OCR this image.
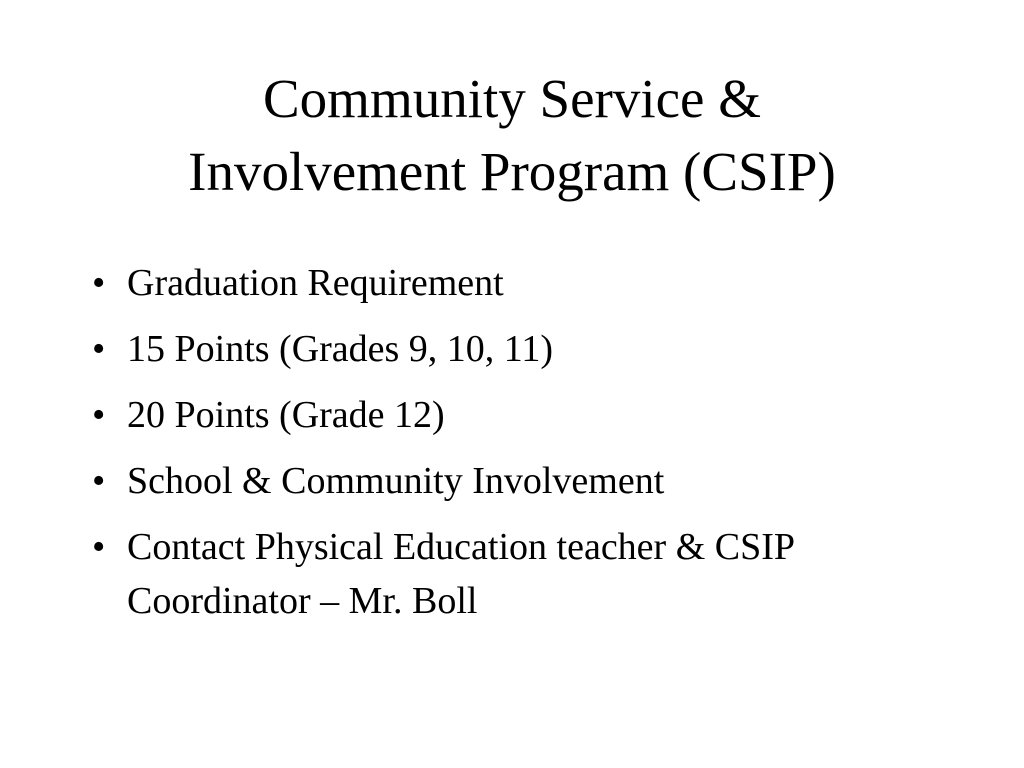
Community Service &
Involvement Program (CSIP)
• Graduation Requirement
• 15 Points (Grades 9, 10, 11)
• 20 Points (Grade 12)
• School & Community Involvement
• Contact Physical Education teacher & CSIP
Coordinator – Mr. Boll
